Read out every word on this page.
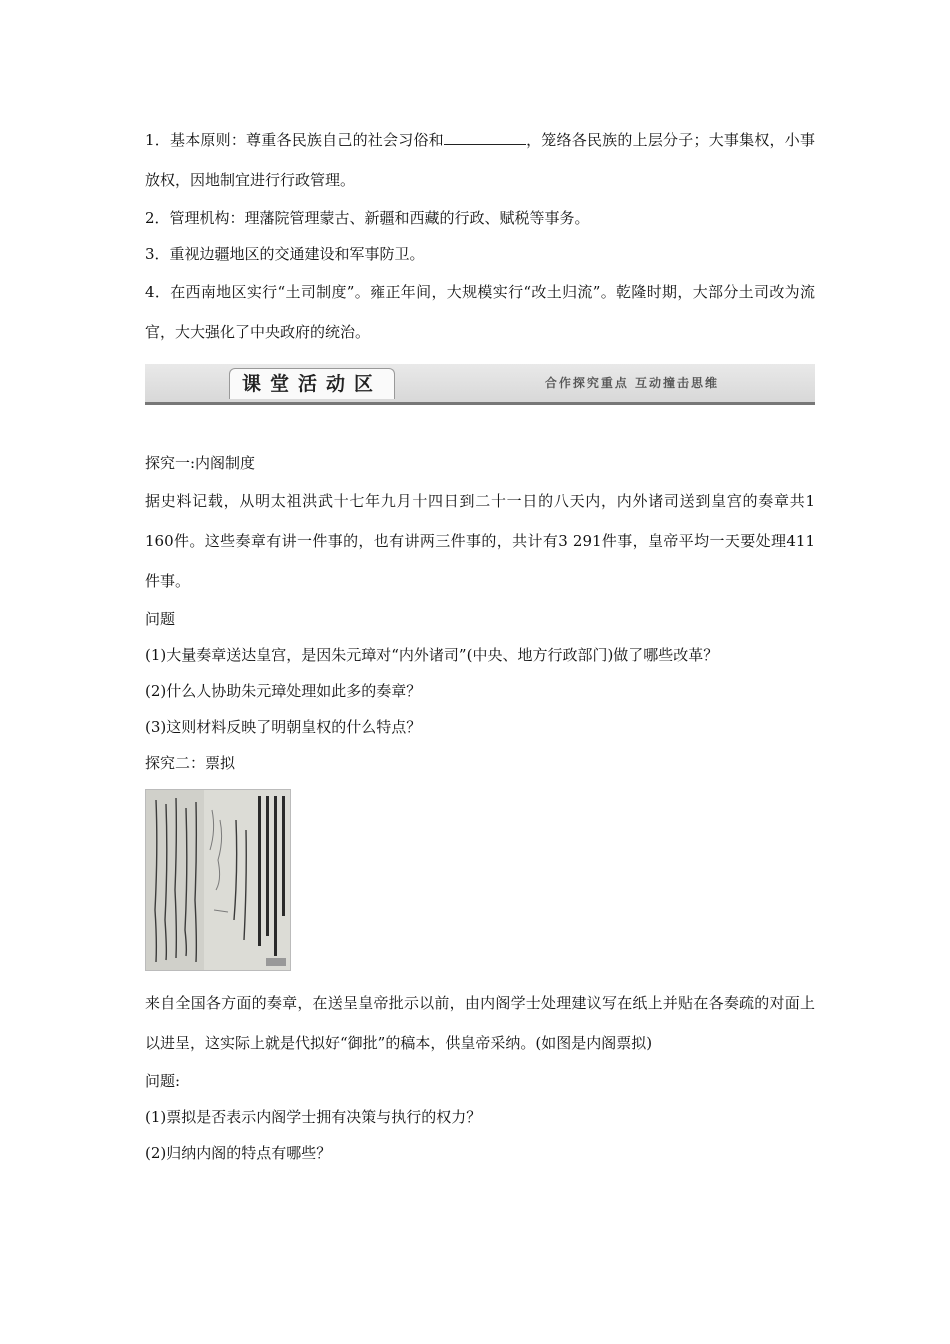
1．基本原则：尊重各民族自己的社会习俗和	，笼络各民族的上层分子；大事集权，小事放权，因地制宜进行行政管理。

2．管理机构：理藩院管理蒙古、新疆和西藏的行政、赋税等事务。

3．重视边疆地区的交通建设和军事防卫。

4．在西南地区实行“土司制度”。雍正年间，大规模实行“改土归流”。乾隆时期，大部分土司改为流官，大大强化了中央政府的统治。

课堂活动区	合作探究重点 互动撞击思维

探究一:内阁制度

据史料记载，从明太祖洪武十七年九月十四日到二十一日的八天内，内外诸司送到皇宫的奏章共1 160件。这些奏章有讲一件事的，也有讲两三件事的，共计有3 291件事，皇帝平均一天要处理411件事。

问题

(1)大量奏章送达皇宫，是因朱元璋对“内外诸司”(中央、地方行政部门)做了哪些改革？

(2)什么人协助朱元璋处理如此多的奏章？

(3)这则材料反映了明朝皇权的什么特点？

探究二：票拟

来自全国各方面的奏章，在送呈皇帝批示以前，由内阁学士处理建议写在纸上并贴在各奏疏的对面上以进呈，这实际上就是代拟好“御批”的稿本，供皇帝采纳。(如图是内阁票拟)

问题:

(1)票拟是否表示内阁学士拥有决策与执行的权力？

(2)归纳内阁的特点有哪些？
